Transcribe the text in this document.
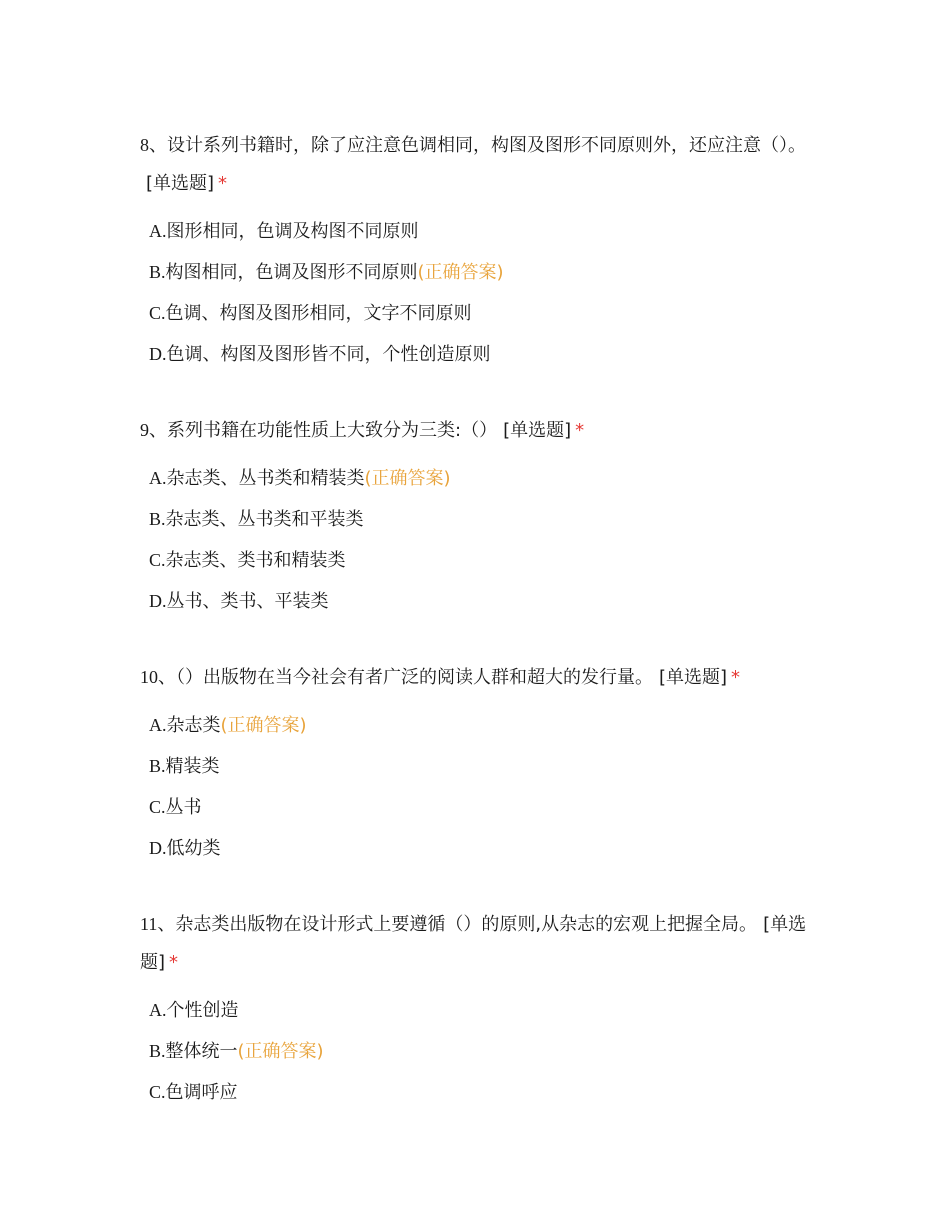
8、设计系列书籍时，除了应注意色调相同，构图及图形不同原则外，还应注意（）。[单选题] *
A.图形相同，色调及构图不同原则
B.构图相同，色调及图形不同原则(正确答案)
C.色调、构图及图形相同，文字不同原则
D.色调、构图及图形皆不同，个性创造原则
9、系列书籍在功能性质上大致分为三类:（） [单选题] *
A.杂志类、丛书类和精装类(正确答案)
B.杂志类、丛书类和平装类
C.杂志类、类书和精装类
D.丛书、类书、平装类
10、（）出版物在当今社会有者广泛的阅读人群和超大的发行量。 [单选题] *
A.杂志类(正确答案)
B.精装类
C.丛书
D.低幼类
11、杂志类出版物在设计形式上要遵循（）的原则,从杂志的宏观上把握全局。 [单选题] *
A.个性创造
B.整体统一(正确答案)
C.色调呼应
